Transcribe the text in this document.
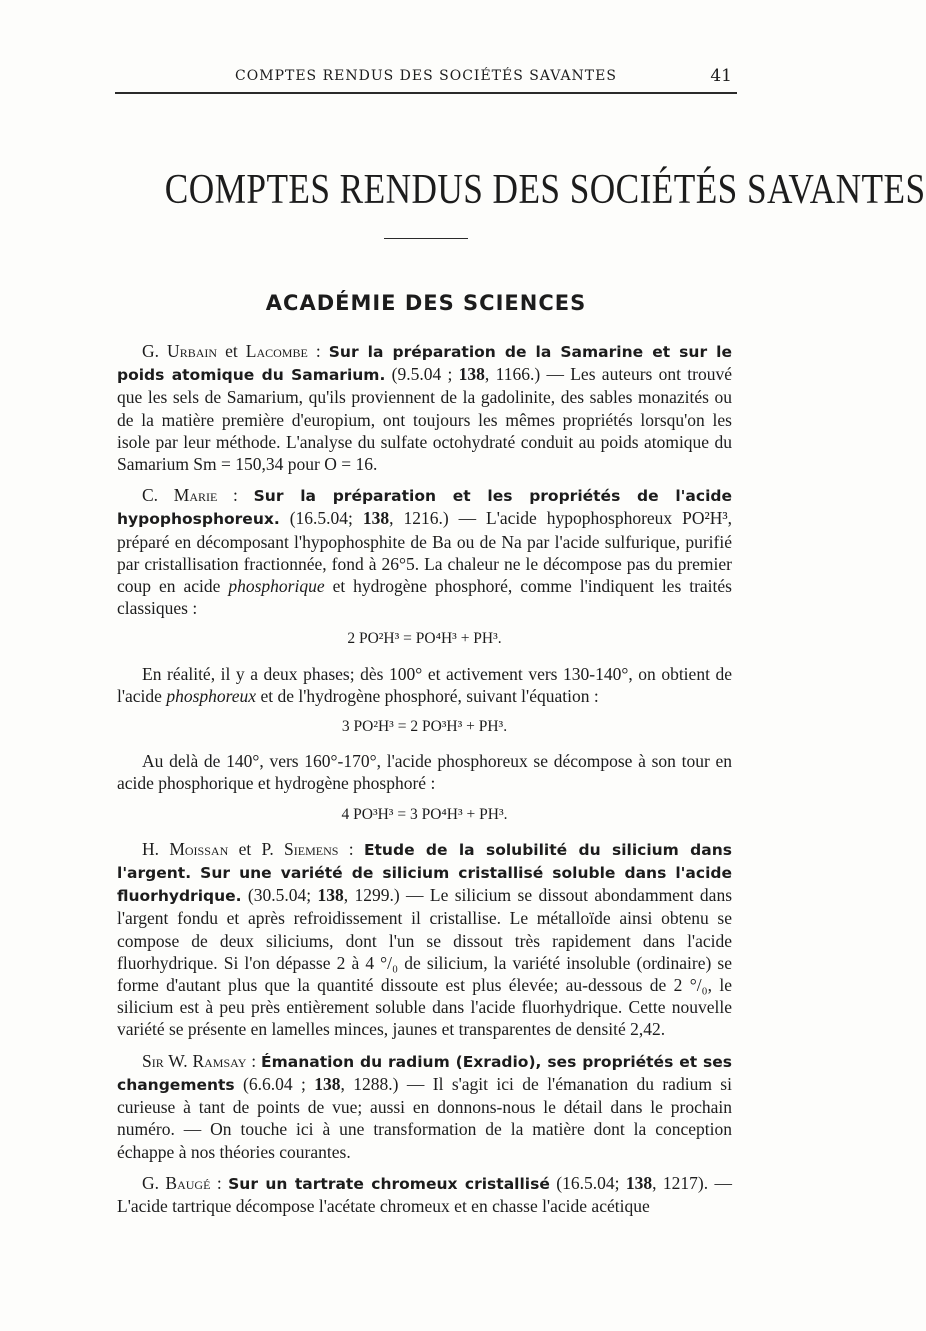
COMPTES RENDUS DES SOCIÉTÉS SAVANTES	41
COMPTES RENDUS DES SOCIÉTÉS SAVANTES
ACADÉMIE DES SCIENCES

G. Urbain et Lacombe : Sur la préparation de la Samarine et sur le poids atomique du Samarium. (9.5.04 ; 138, 1166.) — Les auteurs ont trouvé que les sels de Samarium, qu'ils proviennent de la gadolinite, des sables monazités ou de la matière première d'europium, ont toujours les mêmes propriétés lorsqu'on les isole par leur méthode. L'analyse du sulfate octohydraté conduit au poids atomique du Samarium Sm = 150,34 pour O = 16.

C. Marie : Sur la préparation et les propriétés de l'acide hypophosphoreux. (16.5.04; 138, 1216.) — L'acide hypophosphoreux PO²H³, préparé en décomposant l'hypophosphite de Ba ou de Na par l'acide sulfurique, purifié par cristallisation fractionnée, fond à 26°5. La chaleur ne le décompose pas du premier coup en acide phosphorique et hydrogène phosphoré, comme l'indiquent les traités classiques :

2 PO²H³ = PO⁴H³ + PH³.

En réalité, il y a deux phases; dès 100° et activement vers 130-140°, on obtient de l'acide phosphoreux et de l'hydrogène phosphoré, suivant l'équation :

3 PO²H³ = 2 PO³H³ + PH³.

Au delà de 140°, vers 160°-170°, l'acide phosphoreux se décompose à son tour en acide phosphorique et hydrogène phosphoré :

4 PO³H³ = 3 PO⁴H³ + PH³.

H. Moissan et P. Siemens : Etude de la solubilité du silicium dans l'argent. Sur une variété de silicium cristallisé soluble dans l'acide fluorhydrique. (30.5.04; 138, 1299.) — Le silicium se dissout abondamment dans l'argent fondu et après refroidissement il cristallise. Le métalloïde ainsi obtenu se compose de deux siliciums, dont l'un se dissout très rapidement dans l'acide fluorhydrique. Si l'on dépasse 2 à 4 °/₀ de silicium, la variété insoluble (ordinaire) se forme d'autant plus que la quantité dissoute est plus élevée; au-dessous de 2 °/₀, le silicium est à peu près entièrement soluble dans l'acide fluorhydrique. Cette nouvelle variété se présente en lamelles minces, jaunes et transparentes de densité 2,42.

Sir W. Ramsay : Émanation du radium (Exradio), ses propriétés et ses changements (6.6.04 ; 138, 1288.) — Il s'agit ici de l'émanation du radium si curieuse à tant de points de vue; aussi en donnons-nous le détail dans le prochain numéro. — On touche ici à une transformation de la matière dont la conception échappe à nos théories courantes.

G. Baugé : Sur un tartrate chromeux cristallisé (16.5.04; 138, 1217). — L'acide tartrique décompose l'acétate chromeux et en chasse l'acide acétique
